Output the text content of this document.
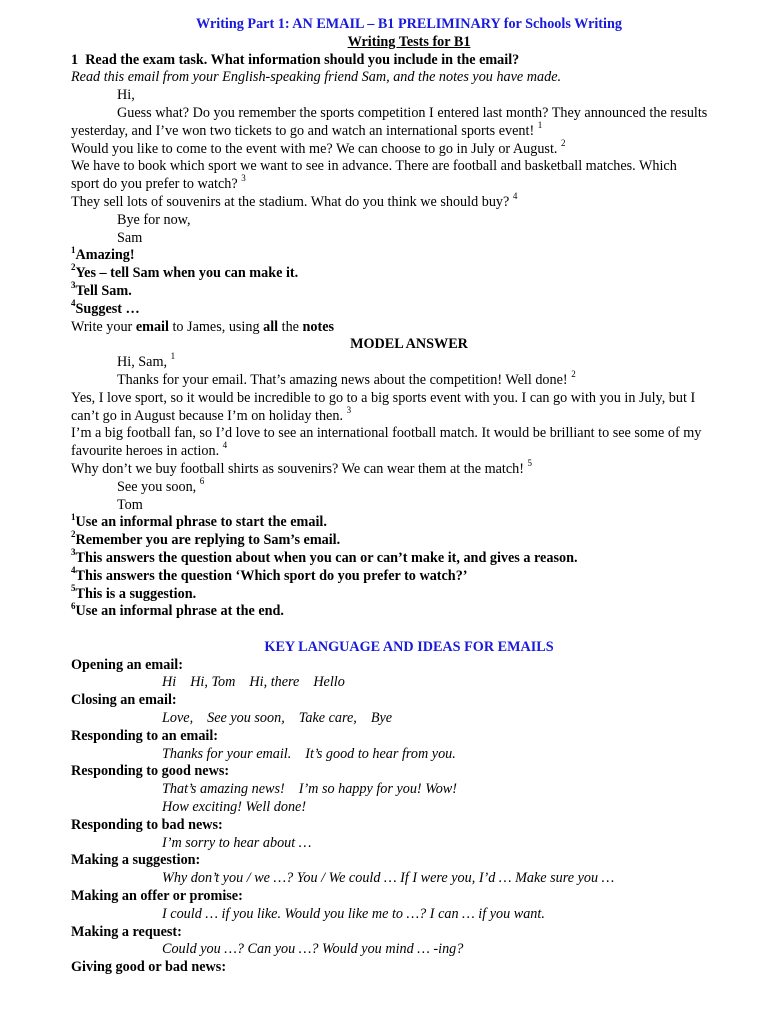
Writing Part 1: AN EMAIL – B1 PRELIMINARY for Schools Writing
Writing Tests for B1
1 Read the exam task. What information should you include in the email?
Read this email from your English-speaking friend Sam, and the notes you have made.
Hi,
Guess what? Do you remember the sports competition I entered last month? They announced the results
yesterday, and I’ve won two tickets to go and watch an international sports event! $^1$
Would you like to come to the event with me? We can choose to go in July or August. $^2$
We have to book which sport we want to see in advance. There are football and basketball matches. Which
sport do you prefer to watch? $^3$
They sell lots of souvenirs at the stadium. What do you think we should buy? $^4$
Bye for now,
Sam
$^1$Amazing!
$^2$Yes – tell Sam when you can make it.
$^3$Tell Sam.
$^4$Suggest …
Write your email to James, using all the notes
MODEL ANSWER
Hi, Sam, $^1$
Thanks for your email. That’s amazing news about the competition! Well done! $^2$
Yes, I love sport, so it would be incredible to go to a big sports event with you. I can go with you in July, but I
can’t go in August because I’m on holiday then. $^3$
I’m a big football fan, so I’d love to see an international football match. It would be brilliant to see some of my
favourite heroes in action. $^4$
Why don’t we buy football shirts as souvenirs? We can wear them at the match! $^5$
See you soon, $^6$
Tom
$^1$Use an informal phrase to start the email.
$^2$Remember you are replying to Sam’s email.
$^3$This answers the question about when you can or can’t make it, and gives a reason.
$^4$This answers the question ‘Which sport do you prefer to watch?’
$^5$This is a suggestion.
$^6$Use an informal phrase at the end.
KEY LANGUAGE AND IDEAS FOR EMAILS
Opening an email:
Hi Hi, Tom Hi, there Hello
Closing an email:
Love, See you soon, Take care, Bye
Responding to an email:
Thanks for your email. It’s good to hear from you.
Responding to good news:
That’s amazing news! I’m so happy for you! Wow!
How exciting! Well done!
Responding to bad news:
I’m sorry to hear about …
Making a suggestion:
Why don’t you / we …? You / We could … If I were you, I’d … Make sure you …
Making an offer or promise:
I could … if you like. Would you like me to …? I can … if you want.
Making a request:
Could you …? Can you …? Would you mind … -ing?
Giving good or bad news:
